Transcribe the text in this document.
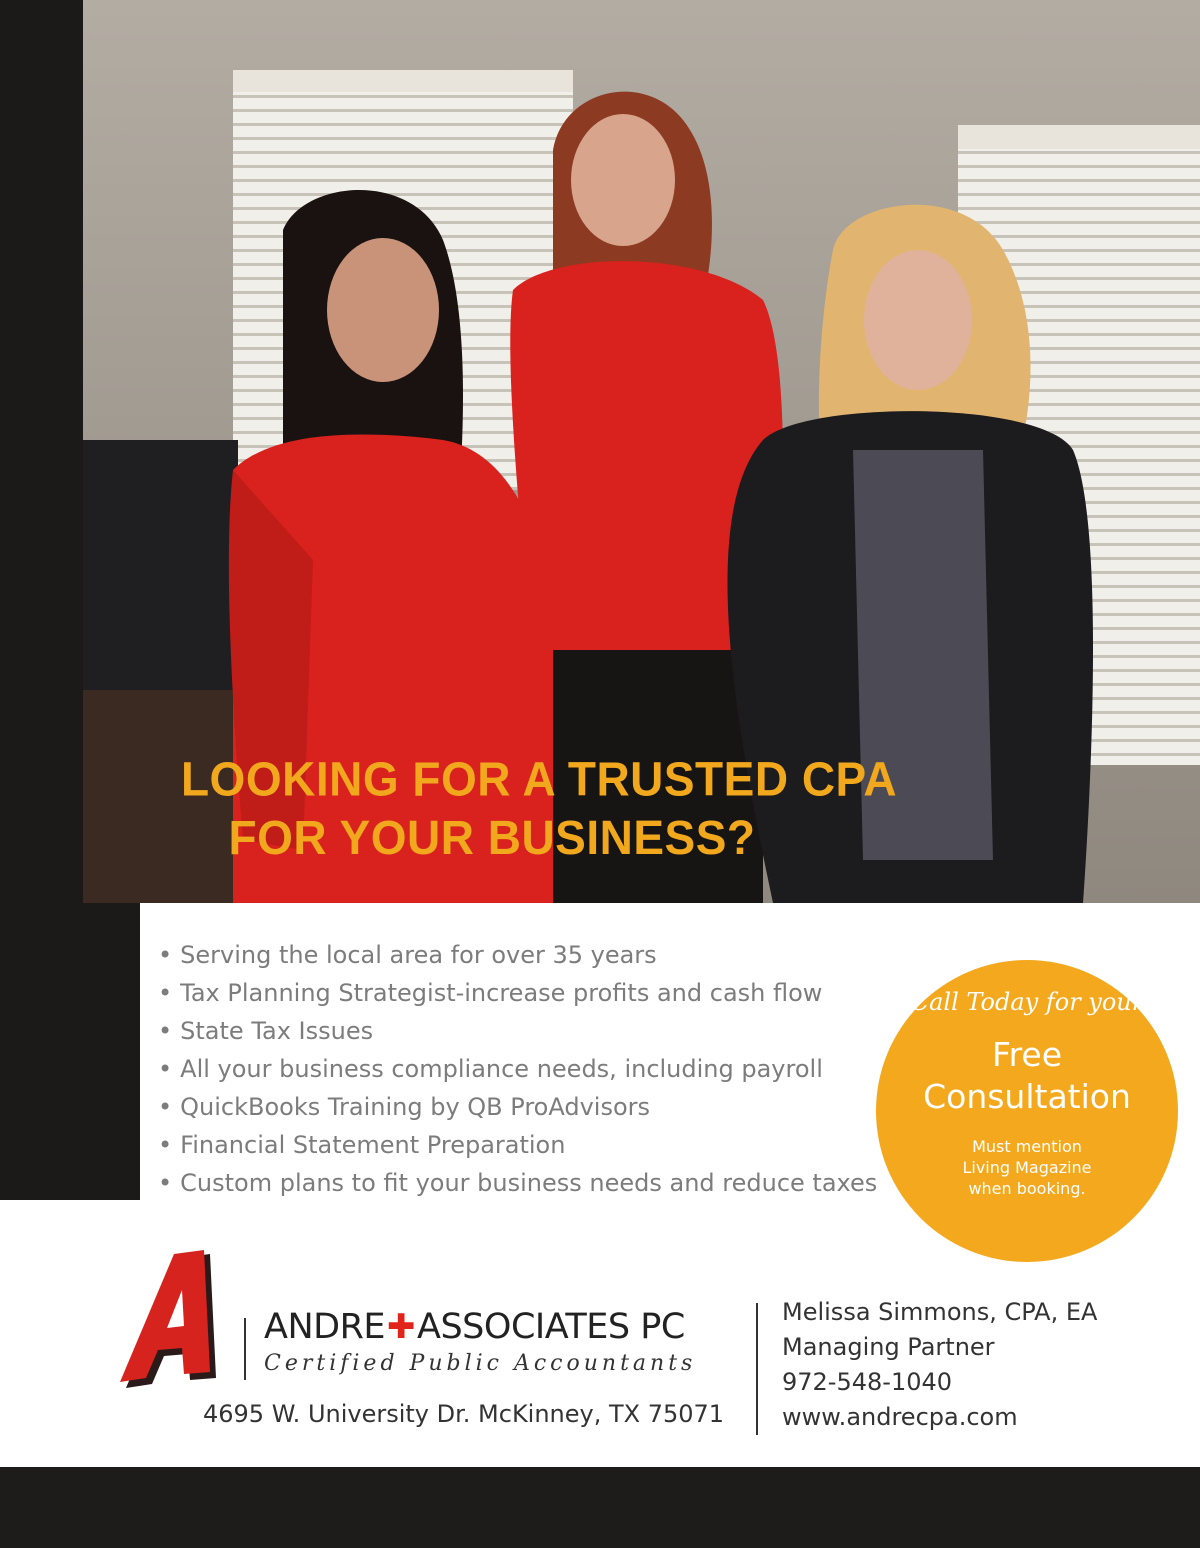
LOOKING FOR A TRUSTED CPA
FOR YOUR BUSINESS?
• Serving the local area for over 35 years
• Tax Planning Strategist-increase profits and cash flow
• State Tax Issues
• All your business compliance needs, including payroll
• QuickBooks Training by QB ProAdvisors
• Financial Statement Preparation
• Custom plans to fit your business needs and reduce taxes
Call Today for your
Free
Consultation
Must mention
Living Magazine
when booking.
ANDRE✚ASSOCIATES PC
Certified Public Accountants
4695 W. University Dr. McKinney, TX 75071
Melissa Simmons, CPA, EA
Managing Partner
972-548-1040
www.andrecpa.com
